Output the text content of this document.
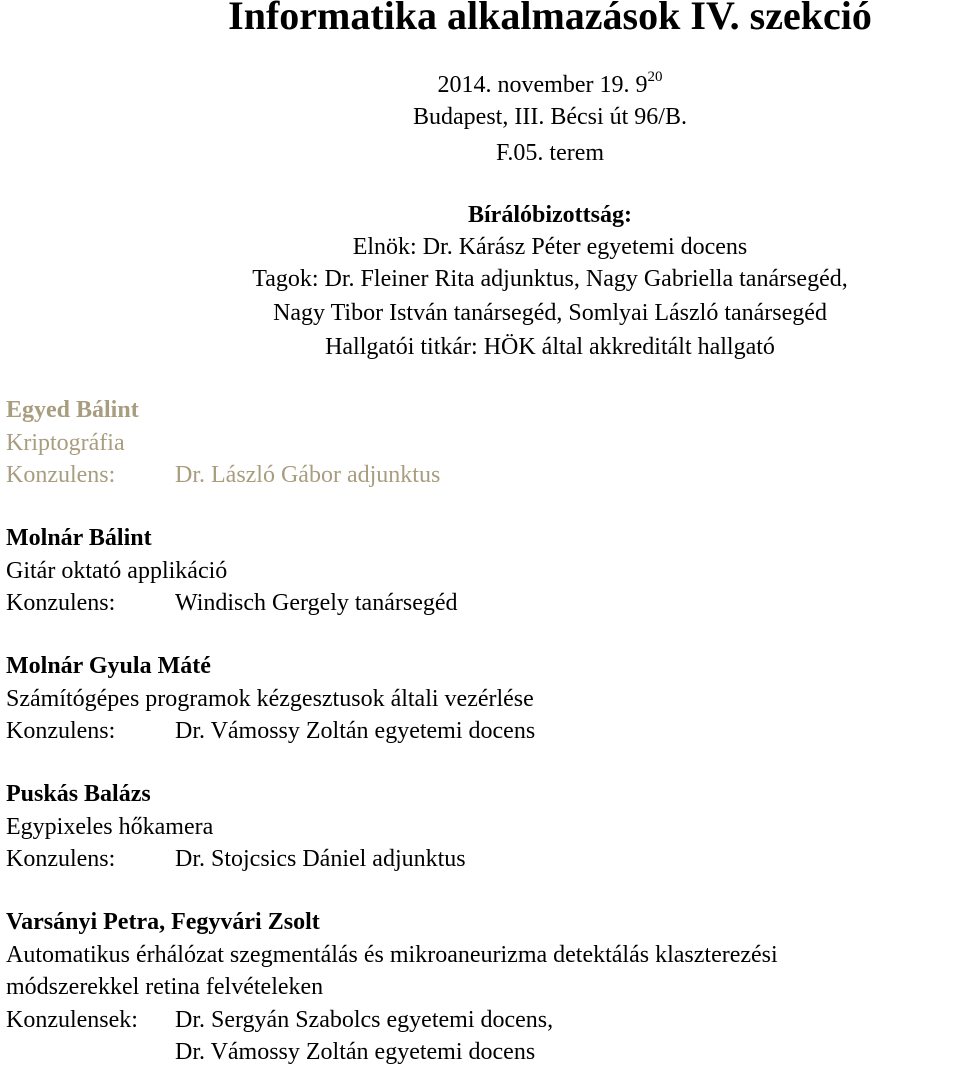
Informatika alkalmazások IV. szekció
2014. november 19. $9^{20}$
Budapest, III. Bécsi út 96/B.
F.05. terem
Bírálóbizottság:
Elnök: Dr. Kárász Péter egyetemi docens
Tagok: Dr. Fleiner Rita adjunktus, Nagy Gabriella tanársegéd,
Nagy Tibor István tanársegéd, Somlyai László tanársegéd
Hallgatói titkár: HÖK által akkreditált hallgató
Egyed Bálint
Kriptográfia
Konzulens:	Dr. László Gábor adjunktus
Molnár Bálint
Gitár oktató applikáció
Konzulens:	Windisch Gergely tanársegéd
Molnár Gyula Máté
Számítógépes programok kézgesztusok általi vezérlése
Konzulens:	Dr. Vámossy Zoltán egyetemi docens
Puskás Balázs
Egypixeles hőkamera
Konzulens:	Dr. Stojcsics Dániel adjunktus
Varsányi Petra, Fegyvári Zsolt
Automatikus érhálózat szegmentálás és mikroaneurizma detektálás klaszterezési
módszerekkel retina felvételeken
Konzulensek:	Dr. Sergyán Szabolcs egyetemi docens,
Dr. Vámossy Zoltán egyetemi docens
